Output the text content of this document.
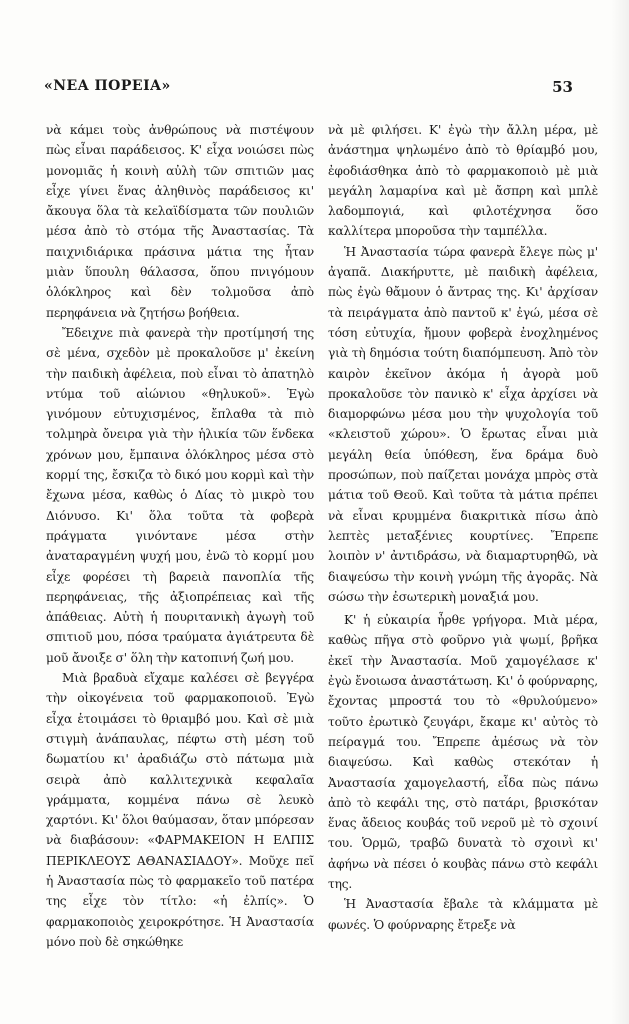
«ΝΕΑ ΠΟΡΕΙΑ»	53

νὰ κάμει τοὺς ἀνθρώπους νὰ πιστέψουν πὼς εἶναι παράδεισος. Κ' εἶχα νοιώσει πὼς μονομιᾶς ἡ κοινὴ αὐλὴ τῶν σπιτιῶν μας εἶχε γίνει ἕνας ἀληθινὸς παράδεισος κι' ἄκουγα ὅλα τὰ κελαϊδίσματα τῶν πουλιῶν μέσα ἀπὸ τὸ στόμα τῆς Ἀναστασίας. Τὰ παιχνιδιάρικα πράσινα μάτια της ἦταν μιὰν ὕπουλη θάλασσα, ὅπου πνιγόμουν ὁλόκληρος καὶ δὲν τολμοῦσα ἀπὸ περηφάνεια νὰ ζητήσω βοήθεια.

Ἔδειχνε πιὰ φανερὰ τὴν προτίμησή της σὲ μένα, σχεδὸν μὲ προκαλοῦσε μ' ἐκείνη τὴν παιδικὴ ἀφέλεια, ποὺ εἶναι τὸ ἀπατηλὸ ντύμα τοῦ αἰώνιου «θηλυκοῦ». Ἐγὼ γινόμουν εὐτυχισμένος, ἔπλαθα τὰ πιὸ τολμηρὰ ὄνειρα γιὰ τὴν ἡλικία τῶν ἕνδεκα χρόνων μου, ἔμπαινα ὁλόκληρος μέσα στὸ κορμί της, ἔσκιζα τὸ δικό μου κορμὶ καὶ τὴν ἔχωνα μέσα, καθὼς ὁ Δίας τὸ μικρὸ του Διόνυσο. Κι' ὅλα τοῦτα τὰ φοβερὰ πράγματα γινόντανε μέσα στὴν ἀναταραγμένη ψυχή μου, ἐνῶ τὸ κορμί μου εἶχε φορέσει τὴ βαρειὰ πανοπλία τῆς περηφάνειας, τῆς ἀξιοπρέπειας καὶ τῆς ἀπάθειας. Αὐτὴ ἡ πουριτανικὴ ἀγωγὴ τοῦ σπιτιοῦ μου, πόσα τραύματα ἀγιάτρευτα δὲ μοῦ ἄνοιξε σ' ὅλη τὴν κατοπινή ζωή μου.

Μιὰ βραδυὰ εἴχαμε καλέσει σὲ βεγγέρα τὴν οἰκογένεια τοῦ φαρμακοποιοῦ. Ἐγὼ εἶχα ἑτοιμάσει τὸ θριαμβό μου. Καὶ σὲ μιὰ στιγμὴ ἀνάπαυλας, πέφτω στὴ μέση τοῦ δωματίου κι' ἀραδιάζω στὸ πάτωμα μιὰ σειρὰ ἀπὸ καλλιτεχνικὰ κεφαλαῖα γράμματα, κομμένα πάνω σὲ λευκὸ χαρτόνι. Κι' ὅλοι θαύμασαν, ὅταν μπόρεσαν νὰ διαβάσουν: «ΦΑΡΜΑΚΕΙΟΝ Η ΕΛΠΙΣ ΠΕΡΙΚΛΕΟΥΣ ΑΘΑΝΑΣΙΑΔΟΥ». Μοῦχε πεῖ ἡ Ἀναστασία πὼς τὸ φαρμακεῖο τοῦ πατέρα της εἶχε τὸν τίτλο: «ἡ ἐλπίς». Ὁ φαρμακοποιὸς χειροκρότησε. Ἡ Ἀναστασία μόνο ποὺ δὲ σηκώθηκε

νὰ μὲ φιλήσει. Κ' ἐγὼ τὴν ἄλλη μέρα, μὲ ἀνάστημα ψηλωμένο ἀπὸ τὸ θρίαμβό μου, ἐφοδιάσθηκα ἀπὸ τὸ φαρμακοποιὸ μὲ μιὰ μεγάλη λαμαρίνα καὶ μὲ ἄσπρη καὶ μπλὲ λαδομπογιά, καὶ φιλοτέχνησα ὅσο καλλίτερα μποροῦσα τὴν ταμπέλλα.

Ἡ Ἀναστασία τώρα φανερὰ ἔλεγε πὼς μ' ἀγαπᾶ. Διακήρυττε, μὲ παιδικὴ ἀφέλεια, πὼς ἐγὼ θἄμουν ὁ ἄντρας της. Κι' ἀρχίσαν τὰ πειράγματα ἀπὸ παντοῦ κ' ἐγώ, μέσα σὲ τόση εὐτυχία, ἤμουν φοβερὰ ἐνοχλημένος γιὰ τὴ δημόσια τούτη διαπόμπευση. Ἀπὸ τὸν καιρὸν ἐκεῖνον ἀκόμα ἡ ἀγορὰ μοῦ προκαλοῦσε τὸν πανικὸ κ' εἶχα ἀρχίσει νὰ διαμορφώνω μέσα μου τὴν ψυχολογία τοῦ «κλειστοῦ χώρου». Ὁ ἔρωτας εἶναι μιὰ μεγάλη θεία ὑπόθεση, ἕνα δράμα δυὸ προσώπων, ποὺ παίζεται μονάχα μπρὸς στὰ μάτια τοῦ Θεοῦ. Καὶ τοῦτα τὰ μάτια πρέπει νὰ εἶναι κρυμμένα διακριτικὰ πίσω ἀπὸ λεπτὲς μεταξένιες κουρτίνες. Ἔπρεπε λοιπὸν ν' ἀντιδράσω, νὰ διαμαρτυρηθῶ, νὰ διαψεύσω τὴν κοινὴ γνώμη τῆς ἀγορᾶς. Νὰ σώσω τὴν ἐσωτερικὴ μοναξιά μου.

Κ' ἡ εὐκαιρία ἦρθε γρήγορα. Μιὰ μέρα, καθὼς πῆγα στὸ φοῦρνο γιὰ ψωμί, βρῆκα ἐκεῖ τὴν Ἀναστασία. Μοῦ χαμογέλασε κ' ἐγὼ ἔνοιωσα ἀναστάτωση. Κι' ὁ φούρναρης, ἔχοντας μπροστά του τὸ «θρυλούμενο» τοῦτο ἐρωτικὸ ζευγάρι, ἔκαμε κι' αὐτὸς τὸ πείραγμά του. Ἔπρεπε ἀμέσως νὰ τὸν διαψεύσω. Καὶ καθὼς στεκόταν ἡ Ἀναστασία χαμογελαστή, εἶδα πὼς πάνω ἀπὸ τὸ κεφάλι της, στὸ πατάρι, βρισκόταν ἕνας ἄδειος κουβάς τοῦ νεροῦ μὲ τὸ σχοινί του. Ὁρμῶ, τραβῶ δυνατὰ τὸ σχοινὶ κι' ἀφήνω νὰ πέσει ὁ κουβὰς πάνω στὸ κεφάλι της.

Ἡ Ἀναστασία ἔβαλε τὰ κλάμματα μὲ φωνές. Ὁ φούρναρης ἔτρεξε νὰ
